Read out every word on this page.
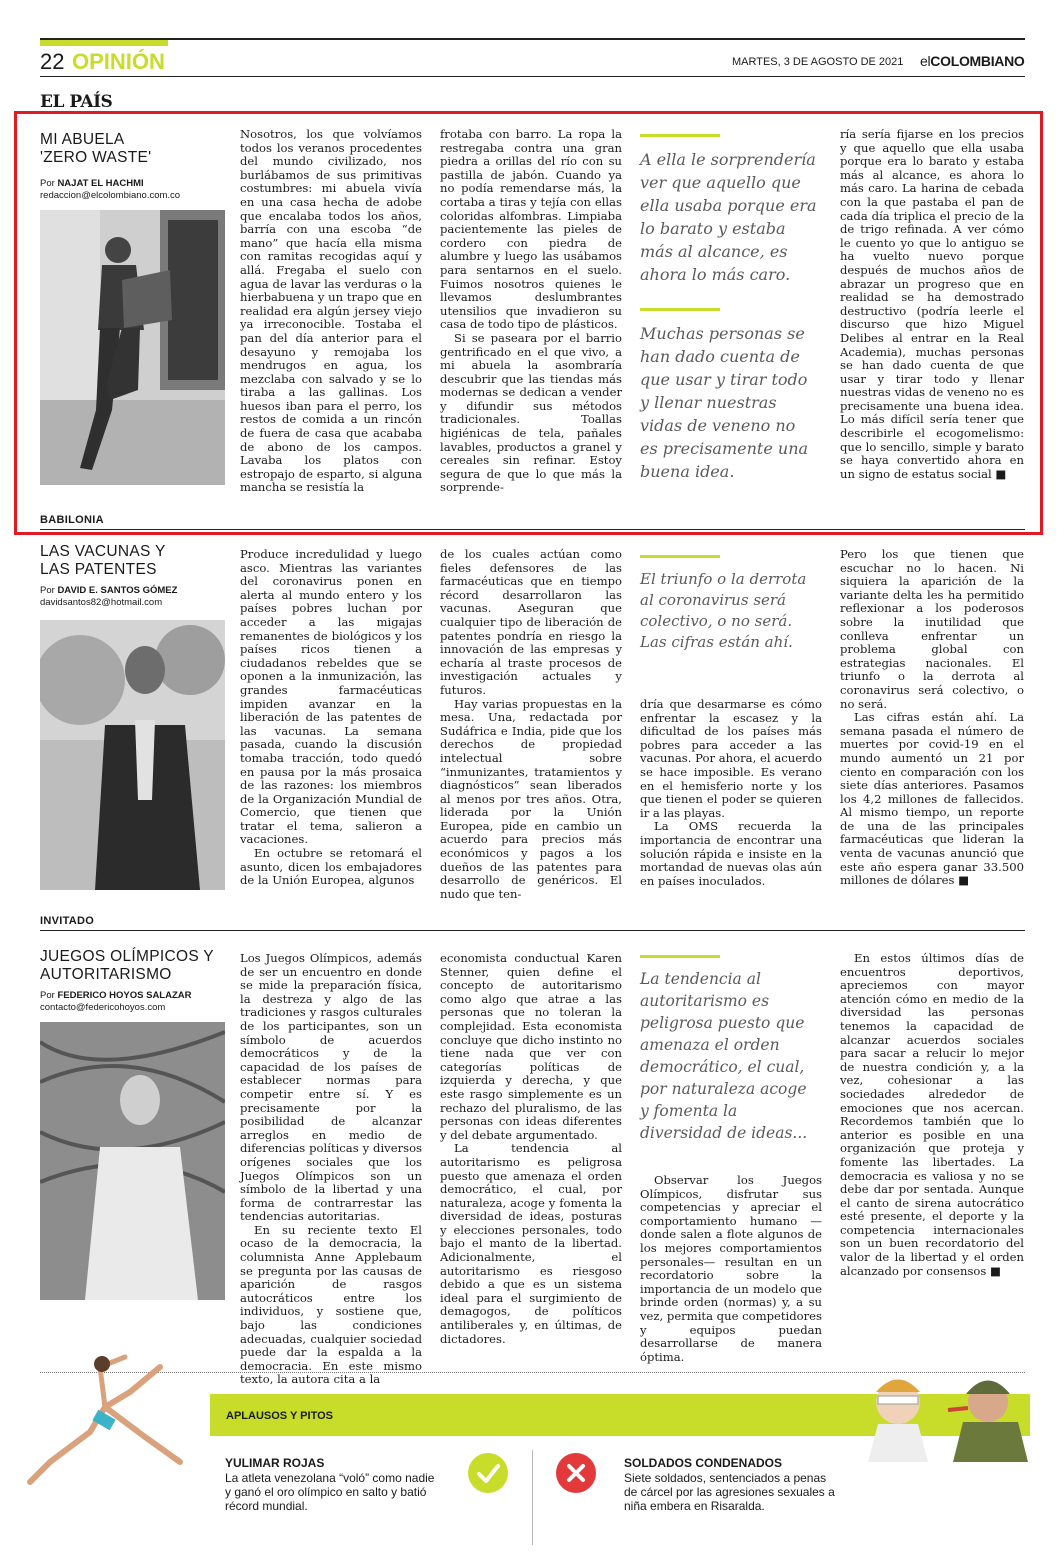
22 OPINIÓN	MARTES, 3 DE AGOSTO DE 2021 elCOLOMBIANO
EL PAÍS
MI ABUELA 'ZERO WASTE'
Por NAJAT EL HACHMI
redaccion@elcolombiano.com.co

Nosotros, los que volvíamos todos los veranos procedentes del mundo civilizado, nos burlábamos de sus primitivas costumbres: mi abuela vivía en una casa hecha de adobe que encalaba todos los años, barría con una escoba “de mano” que hacía ella misma con ramitas recogidas aquí y allá. Fregaba el suelo con agua de lavar las verduras o la hierbabuena y un trapo que en realidad era algún jersey viejo ya irreconocible. Tostaba el pan del día anterior para el desayuno y remojaba los mendrugos en agua, los mezclaba con salvado y se lo tiraba a las gallinas. Los huesos iban para el perro, los restos de comida a un rincón de fuera de casa que acababa de abono de los campos. Lavaba los platos con estropajo de esparto, si alguna mancha se resistía la

frotaba con barro. La ropa la restregaba contra una gran piedra a orillas del río con su pastilla de jabón. Cuando ya no podía remendarse más, la cortaba a tiras y tejía con ellas coloridas alfombras. Limpiaba pacientemente las pieles de cordero con piedra de alumbre y luego las usábamos para sentarnos en el suelo. Fuimos nosotros quienes le llevamos deslumbrantes utensilios que invadieron su casa de todo tipo de plásticos.

Si se paseara por el barrio gentrificado en el que vivo, a mi abuela la asombraría descubrir que las tiendas más modernas se dedican a vender y difundir sus métodos tradicionales. Toallas higiénicas de tela, pañales lavables, productos a granel y cereales sin refinar. Estoy segura de que lo que más la sorprende-

A ella le sorprendería ver que aquello que ella usaba porque era lo barato y estaba más al alcance, es ahora lo más caro.
Muchas personas se han dado cuenta de que usar y tirar todo y llenar nuestras vidas de veneno no es precisamente una buena idea.

ría sería fijarse en los precios y que aquello que ella usaba porque era lo barato y estaba más al alcance, es ahora lo más caro. La harina de cebada con la que pastaba el pan de cada día triplica el precio de la de trigo refinada. A ver cómo le cuento yo que lo antiguo se ha vuelto nuevo porque después de muchos años de abrazar un progreso que en realidad se ha demostrado destructivo (podría leerle el discurso que hizo Miguel Delibes al entrar en la Real Academia), muchas personas se han dado cuenta de que usar y tirar todo y llenar nuestras vidas de veneno no es precisamente una buena idea. Lo más difícil sería tener que describirle el ecogomelismo: que lo sencillo, simple y barato se haya convertido ahora en un signo de estatus social ■

BABILONIA
LAS VACUNAS Y LAS PATENTES
Por DAVID E. SANTOS GÓMEZ
davidsantos82@hotmail.com

Produce incredulidad y luego asco. Mientras las variantes del coronavirus ponen en alerta al mundo entero y los países pobres luchan por acceder a las migajas remanentes de biológicos y los países ricos tienen a ciudadanos rebeldes que se oponen a la inmunización, las grandes farmacéuticas impiden avanzar en la liberación de las patentes de las vacunas. La semana pasada, cuando la discusión tomaba tracción, todo quedó en pausa por la más prosaica de las razones: los miembros de la Organización Mundial de Comercio, que tienen que tratar el tema, salieron a vacaciones.

En octubre se retomará el asunto, dicen los embajadores de la Unión Europea, algunos

de los cuales actúan como fieles defensores de las farmacéuticas que en tiempo récord desarrollaron las vacunas. Aseguran que cualquier tipo de liberación de patentes pondría en riesgo la innovación de las empresas y echaría al traste procesos de investigación actuales y futuros.

Hay varias propuestas en la mesa. Una, redactada por Sudáfrica e India, pide que los derechos de propiedad intelectual sobre “inmunizantes, tratamientos y diagnósticos” sean liberados al menos por tres años. Otra, liderada por la Unión Europea, pide en cambio un acuerdo para precios más económicos y pagos a los dueños de las patentes para desarrollo de genéricos. El nudo que ten-

El triunfo o la derrota al coronavirus será colectivo, o no será. Las cifras están ahí.

dría que desarmarse es cómo enfrentar la escasez y la dificultad de los países más pobres para acceder a las vacunas. Por ahora, el acuerdo se hace imposible. Es verano en el hemisferio norte y los que tienen el poder se quieren ir a las playas.

La OMS recuerda la importancia de encontrar una solución rápida e insiste en la mortandad de nuevas olas aún en países inoculados.

Pero los que tienen que escuchar no lo hacen. Ni siquiera la aparición de la variante delta les ha permitido reflexionar a los poderosos sobre la inutilidad que conlleva enfrentar un problema global con estrategias nacionales. El triunfo o la derrota al coronavirus será colectivo, o no será.

Las cifras están ahí. La semana pasada el número de muertes por covid-19 en el mundo aumentó un 21 por ciento en comparación con los siete días anteriores. Pasamos los 4,2 millones de fallecidos. Al mismo tiempo, un reporte de una de las principales farmacéuticas que lideran la venta de vacunas anunció que este año espera ganar 33.500 millones de dólares ■

INVITADO
JUEGOS OLÍMPICOS Y AUTORITARISMO
Por FEDERICO HOYOS SALAZAR
contacto@federicohoyos.com

Los Juegos Olímpicos, además de ser un encuentro en donde se mide la preparación física, la destreza y algo de las tradiciones y rasgos culturales de los participantes, son un símbolo de acuerdos democráticos y de la capacidad de los países de establecer normas para competir entre sí. Y es precisamente por la posibilidad de alcanzar arreglos en medio de diferencias políticas y diversos orígenes sociales que los Juegos Olímpicos son un símbolo de la libertad y una forma de contrarrestar las tendencias autoritarias.

En su reciente texto El ocaso de la democracia, la columnista Anne Applebaum se pregunta por las causas de aparición de rasgos autocráticos entre los individuos, y sostiene que, bajo las condiciones adecuadas, cualquier sociedad puede dar la espalda a la democracia. En este mismo texto, la autora cita a la

economista conductual Karen Stenner, quien define el concepto de autoritarismo como algo que atrae a las personas que no toleran la complejidad. Esta economista concluye que dicho instinto no tiene nada que ver con categorías políticas de izquierda y derecha, y que este rasgo simplemente es un rechazo del pluralismo, de las personas con ideas diferentes y del debate argumentado.

La tendencia al autoritarismo es peligrosa puesto que amenaza el orden democrático, el cual, por naturaleza, acoge y fomenta la diversidad de ideas, posturas y elecciones personales, todo bajo el manto de la libertad. Adicionalmente, el autoritarismo es riesgoso debido a que es un sistema ideal para el surgimiento de demagogos, de políticos antiliberales y, en últimas, de dictadores.

La tendencia al autoritarismo es peligrosa puesto que amenaza el orden democrático, el cual, por naturaleza acoge y fomenta la diversidad de ideas...

Observar los Juegos Olímpicos, disfrutar sus competencias y apreciar el comportamiento humano —donde salen a flote algunos de los mejores comportamientos personales— resultan en un recordatorio sobre la importancia de un modelo que brinde orden (normas) y, a su vez, permita que competidores y equipos puedan desarrollarse de manera óptima.

En estos últimos días de encuentros deportivos, apreciemos con mayor atención cómo en medio de la diversidad las personas tenemos la capacidad de alcanzar acuerdos sociales para sacar a relucir lo mejor de nuestra condición y, a la vez, cohesionar a las sociedades alrededor de emociones que nos acercan. Recordemos también que lo anterior es posible en una organización que proteja y fomente las libertades. La democracia es valiosa y no se debe dar por sentada. Aunque el canto de sirena autocrático esté presente, el deporte y la competencia internacionales son un buen recordatorio del valor de la libertad y el orden alcanzado por consensos ■

APLAUSOS Y PITOS
YULIMAR ROJAS
La atleta venezolana “voló” como nadie y ganó el oro olímpico en salto y batió récord mundial.
SOLDADOS CONDENADOS
Siete soldados, sentenciados a penas de cárcel por las agresiones sexuales a niña embera en Risaralda.
